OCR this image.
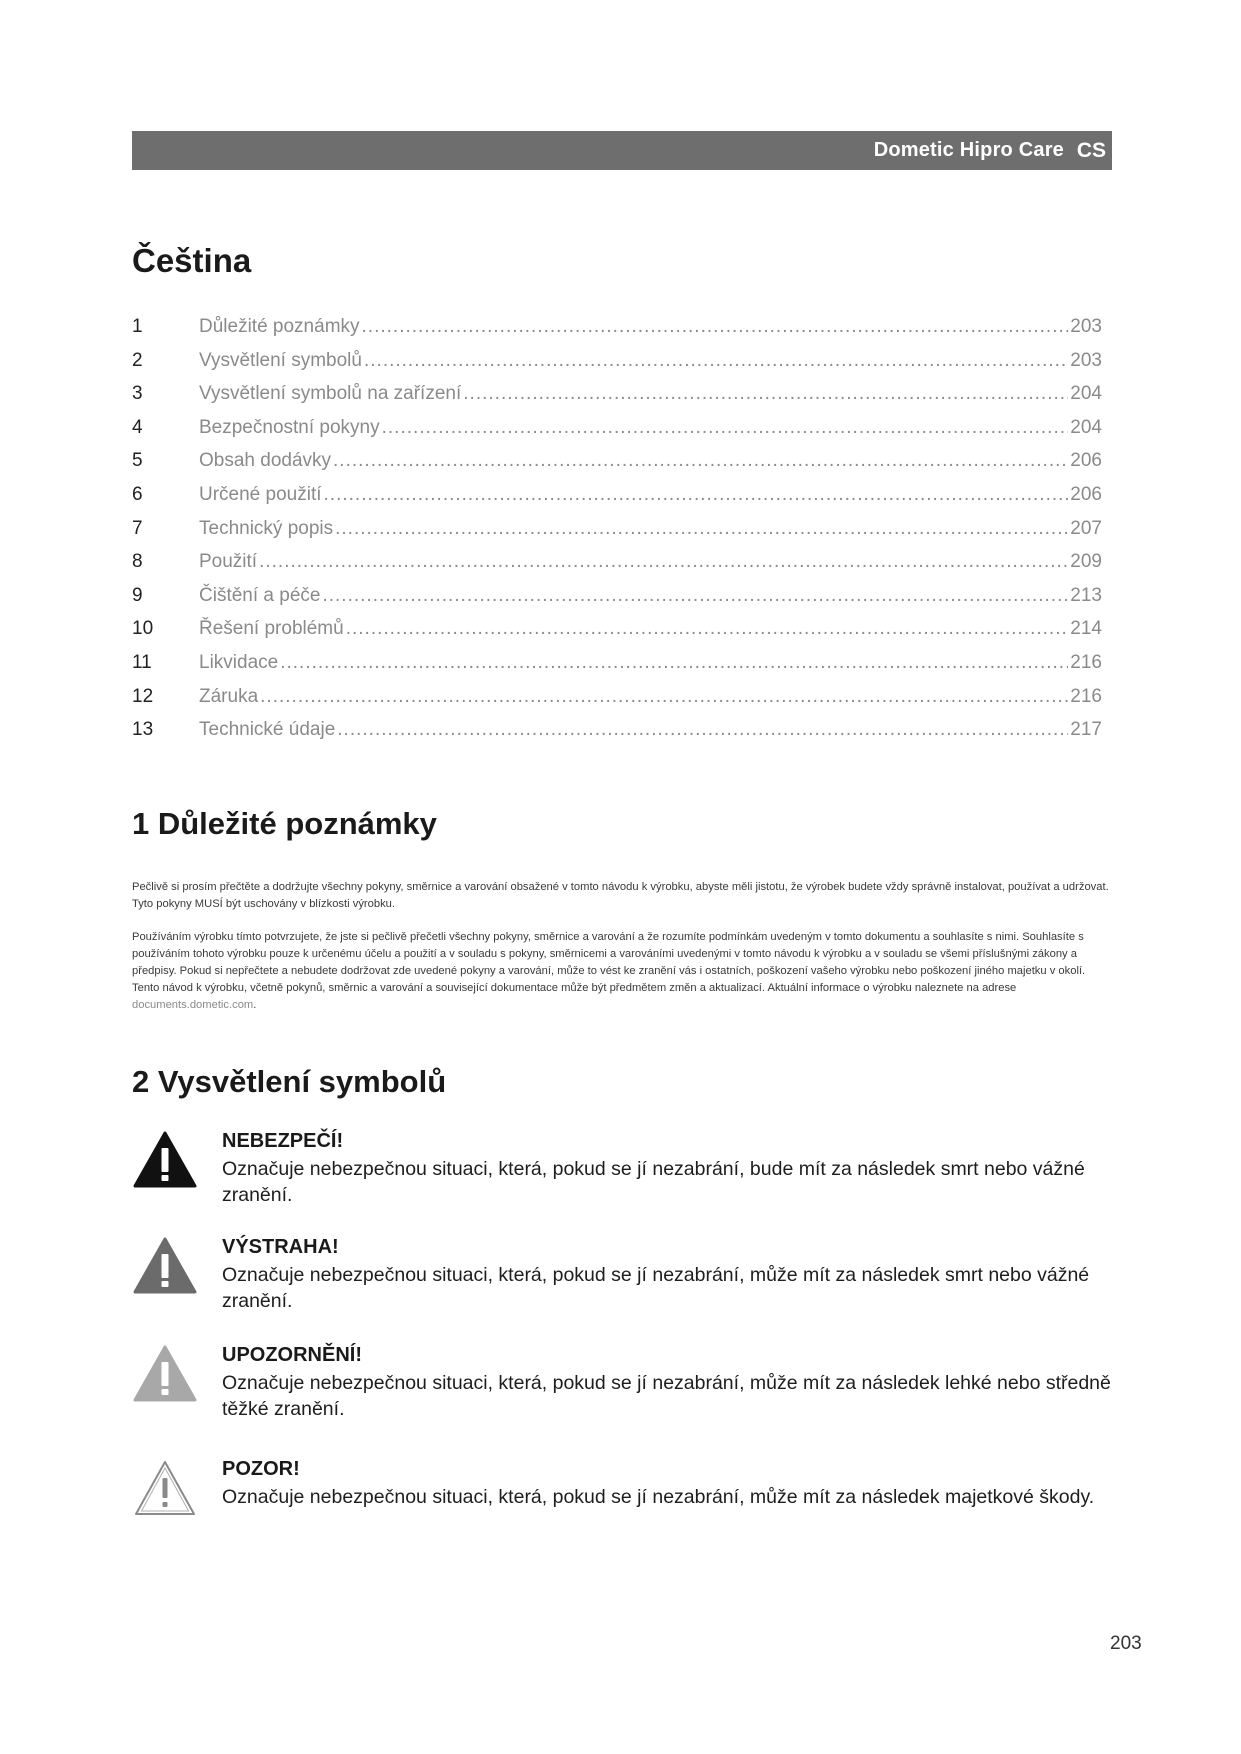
Dometic Hipro Care CS
Čeština
1	Důležité poznámky .....	203
2	Vysvětlení symbolů .....	203
3	Vysvětlení symbolů na zařízení .....	204
4	Bezpečnostní pokyny .....	204
5	Obsah dodávky .....	206
6	Určené použití .....	206
7	Technický popis .....	207
8	Použití .....	209
9	Čištění a péče .....	213
10	Řešení problémů .....	214
11	Likvidace .....	216
12	Záruka .....	216
13	Technické údaje .....	217
1 Důležité poznámky

Pečlivě si prosím přečtěte a dodržujte všechny pokyny, směrnice a varování obsažené v tomto návodu k výrobku, abyste měli jistotu, že výrobek budete vždy správně instalovat, používat a udržovat. Tyto pokyny MUSÍ být uschovány v blízkosti výrobku.

Používáním výrobku tímto potvrzujete, že jste si pečlivě přečetli všechny pokyny, směrnice a varování a že rozumíte podmínkám uvedeným v tomto dokumentu a souhlasíte s nimi. Souhlasíte s používáním tohoto výrobku pouze k určenému účelu a použití a v souladu s pokyny, směrnicemi a varováními uvedenými v tomto návodu k výrobku a v souladu se všemi příslušnými zákony a předpisy. Pokud si nepřečtete a nebudete dodržovat zde uvedené pokyny a varování, může to vést ke zranění vás i ostatních, poškození vašeho výrobku nebo poškození jiného majetku v okolí. Tento návod k výrobku, včetně pokynů, směrnic a varování a související dokumentace může být předmětem změn a aktualizací. Aktuální informace o výrobku naleznete na adrese documents.dometic.com.

2 Vysvětlení symbolů
NEBEZPEČÍ!
Označuje nebezpečnou situaci, která, pokud se jí nezabrání, bude mít za následek smrt nebo vážné zranění.
VÝSTRAHA!
Označuje nebezpečnou situaci, která, pokud se jí nezabrání, může mít za následek smrt nebo vážné zranění.
UPOZORNĚNÍ!
Označuje nebezpečnou situaci, která, pokud se jí nezabrání, může mít za následek lehké nebo středně těžké zranění.
POZOR!
Označuje nebezpečnou situaci, která, pokud se jí nezabrání, může mít za následek majetkové škody.
203
